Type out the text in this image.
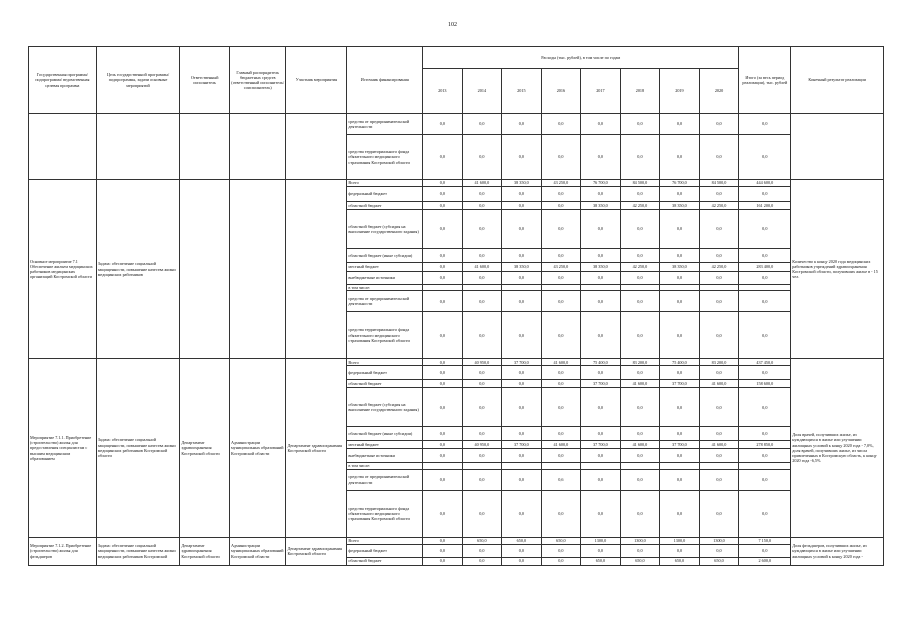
102
Государственная программа/подпрограмма/ ведомственная целевая программа	Цель государственной программы/подпрограммы, задачи основные мероприятий	Ответственный исполнитель	Главный распорядитель бюджетных средств (ответственный исполнитель/ соисполнитель)	Участник мероприятия	Источник финансирования	Расходы (тыс. рублей), в том числе по годам								Итого (за весь период реализации), тыс. рублей	Конечный результат реализации
						2013	2014	2015	2016	2017	2018	2019	2020		
					средства от предпринимательской деятельности	0,0	0,0	0,0	0,0	0,0	0,0	0,0	0,0	0,0	
					средства территориального фонда обязательного медицинского страхования Костромской области	0,0	0,0	0,0	0,0	0,0	0,0	0,0	0,0	0,0	
Основное мероприятие 7.1 Обеспечение жильем медицинских работников медицинских организаций Костромской области	Задача: обеспечение социальной защищенности, повышение качества жизни медицинских работников				Всего	0,0	41 600,0	38 350,0	43 250,0	76 700,0	84 500,0	76 700,0	84 500,0	444 600,0	Количество к концу 2020 года медицинских работников учреждений здравоохранения Костромской области, получивших жилье в - 15 чел.
					федеральный бюджет	0,0	0,0	0,0	0,0	0,0	0,0	0,0	0,0	0,0	
					областной бюджет	0,0	0,0	0,0	0,0	38 350,0	42 250,0	38 350,0	42 250,0	161 200,0	
					областной бюджет (субсидия на выполнение государственного задания)	0,0	0,0	0,0	0,0	0,0	0,0	0,0	0,0	0,0	
					областной бюджет (иные субсидии)	0,0	0,0	0,0	0,0	0,0	0,0	0,0	0,0	0,0	
					местный бюджет	0,0	41 600,0	38 350,0	43 250,0	38 350,0	42 250,0	38 350,0	42 250,0	283 400,0	
					внебюджетные источники	0,0	0,0	0,0	0,0	0,0	0,0	0,0	0,0	0,0	
					в том числе:										
					средства от предпринимательской деятельности	0,0	0,0	0,0	0,0	0,0	0,0	0,0	0,0	0,0	
					средства территориального фонда обязательного медицинского страхования Костромской области	0,0	0,0	0,0	0,0	0,0	0,0	0,0	0,0	0,0	
Мероприятие 7.1.1. Приобретение (строительство) жилья для предоставления специалистам с высшим медицинским образованием	Задача: обеспечение социальной защищенности, повышение качества жизни медицинских работников Костромской области	Департамент здравоохранения Костромской области	Администрации муниципальных образований Костромской области	Департамент здравоохранения Костромской области	Всего	0,0	40 950,0	37 700,0	41 600,0	75 400,0	83 200,0	75 400,0	83 200,0	437 450,0	Доля врачей, получивших жилье, из нуждающихся в жилье или улучшении жилищных условий к концу 2020 года - 7,0%, доля врачей, получивших жилье, из числа привлеченных в Костромскую область, к концу 2020 года -6,5%
					федеральный бюджет	0,0	0,0	0,0	0,0	0,0	0,0	0,0	0,0	0,0	
					областной бюджет	0,0	0,0	0,0	0,0	37 700,0	41 600,0	37 700,0	41 600,0	158 600,0	
					областной бюджет (субсидия на выполнение государственного задания)	0,0	0,0	0,0	0,0	0,0	0,0	0,0	0,0	0,0	
					областной бюджет (иные субсидии)	0,0	0,0	0,0	0,0	0,0	0,0	0,0	0,0	0,0	
					местный бюджет	0,0	40 950,0	37 700,0	41 600,0	37 700,0	41 600,0	37 700,0	41 600,0	278 850,0	
					внебюджетные источники	0,0	0,0	0,0	0,0	0,0	0,0	0,0	0,0	0,0	
					в том числе:										
					средства от предпринимательской деятельности	0,0	0,0	0,0	0,6	0,0	0,0	0,0	0,0	0,0	
					средства территориального фонда обязательного медицинского страхования Костромской области	0,0	0,0	0,0	0,0	0,0	0,0	0,0	0,0	0,0	
Мероприятие 7.1.2. Приобретение (строительство) жилья для фельдшеров	Задача: обеспечение социальной защищенности, повышение качества жизни медицинских работников Костромской	Департамент здравоохранения Костромской области	Администрации муниципальных образований Костромской области	Департамент здравоохранения Костромской области	Всего	0,0	650,0	650,0	650,0	1300,0	1300,0	1300,0	1300,0	7 150,0	Доля фельдшеров, получивших жилье, из нуждающихся в жилье или улучшении жилищных условий к концу 2020 года -
					федеральный бюджет	0,0	0,0	0,0	0,0	0,0	0,0	0,0	0,0	0,0	
					областной бюджет	0,0	0,0	0,0	0,0	650,0	650,0	650,0	650,0	2 600,0	
